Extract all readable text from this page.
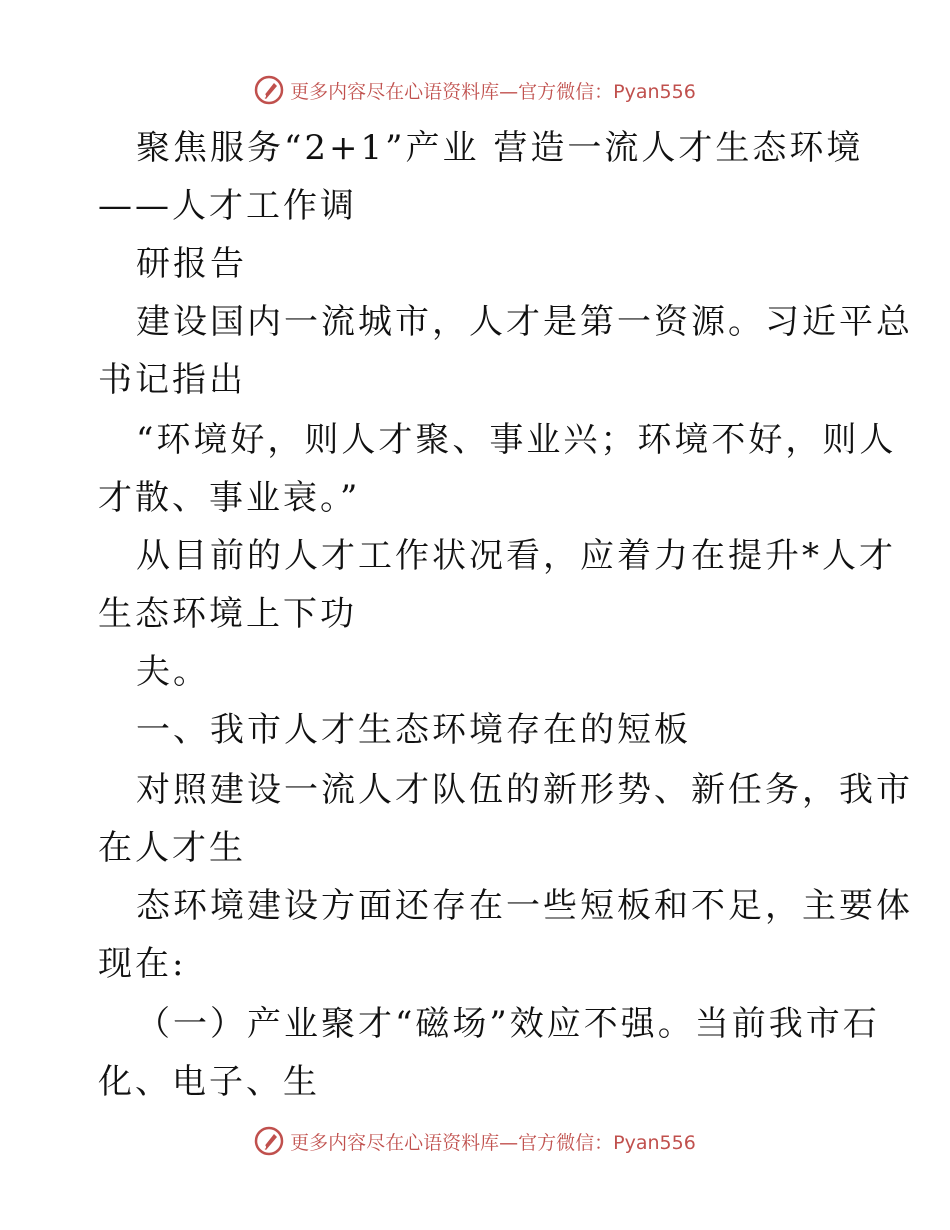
更多内容尽在心语资料库—官方微信：Pyan556
聚焦服务“2+1”产业 营造一流人才生态环境
——人才工作调
研报告
建设国内一流城市，人才是第一资源。习近平总
书记指出
“环境好，则人才聚、事业兴；环境不好，则人
才散、事业衰。”
从目前的人才工作状况看，应着力在提升*人才
生态环境上下功
夫。
一、我市人才生态环境存在的短板
对照建设一流人才队伍的新形势、新任务，我市
在人才生
态环境建设方面还存在一些短板和不足，主要体
现在:
（一）产业聚才“磁场”效应不强。当前我市石
化、电子、生
更多内容尽在心语资料库—官方微信：Pyan556
